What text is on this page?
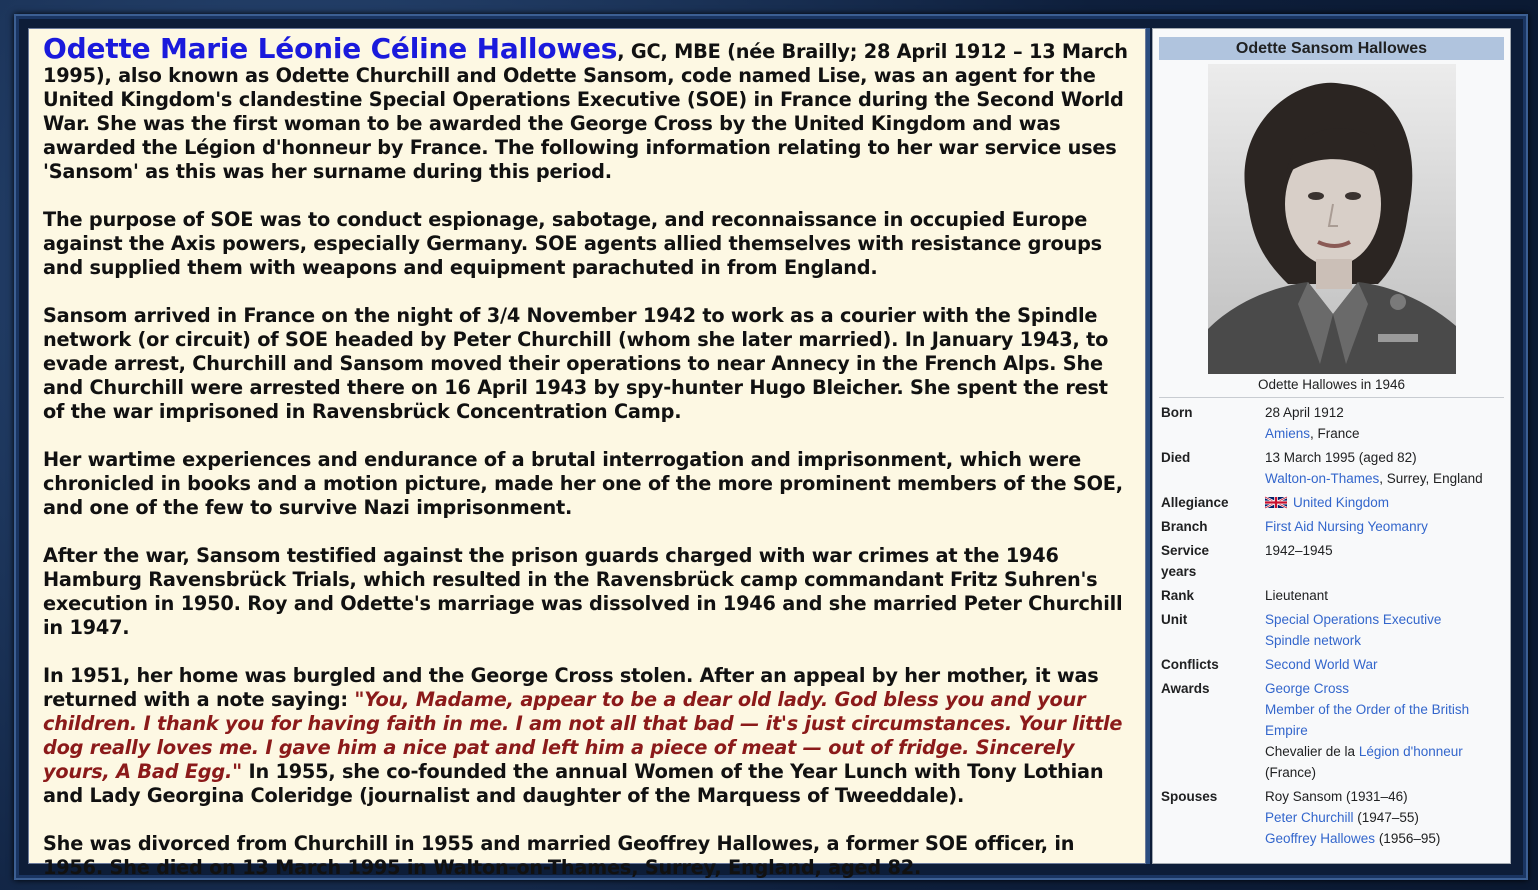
Odette Marie Léonie Céline Hallowes, GC, MBE (née Brailly; 28 April 1912 – 13 March 1995), also known as Odette Churchill and Odette Sansom, code named Lise, was an agent for the United Kingdom's clandestine Special Operations Executive (SOE) in France during the Second World War. She was the first woman to be awarded the George Cross by the United Kingdom and was awarded the Légion d'honneur by France. The following information relating to her war service uses 'Sansom' as this was her surname during this period.

The purpose of SOE was to conduct espionage, sabotage, and reconnaissance in occupied Europe against the Axis powers, especially Germany. SOE agents allied themselves with resistance groups and supplied them with weapons and equipment parachuted in from England.

Sansom arrived in France on the night of 3/4 November 1942 to work as a courier with the Spindle network (or circuit) of SOE headed by Peter Churchill (whom she later married). In January 1943, to evade arrest, Churchill and Sansom moved their operations to near Annecy in the French Alps. She and Churchill were arrested there on 16 April 1943 by spy-hunter Hugo Bleicher. She spent the rest of the war imprisoned in Ravensbrück Concentration Camp.

Her wartime experiences and endurance of a brutal interrogation and imprisonment, which were chronicled in books and a motion picture, made her one of the more prominent members of the SOE, and one of the few to survive Nazi imprisonment.

After the war, Sansom testified against the prison guards charged with war crimes at the 1946 Hamburg Ravensbrück Trials, which resulted in the Ravensbrück camp commandant Fritz Suhren's execution in 1950. Roy and Odette's marriage was dissolved in 1946 and she married Peter Churchill in 1947.

In 1951, her home was burgled and the George Cross stolen. After an appeal by her mother, it was returned with a note saying: "You, Madame, appear to be a dear old lady. God bless you and your children. I thank you for having faith in me. I am not all that bad — it's just circumstances. Your little dog really loves me. I gave him a nice pat and left him a piece of meat — out of fridge. Sincerely yours, A Bad Egg." In 1955, she co-founded the annual Women of the Year Lunch with Tony Lothian and Lady Georgina Coleridge (journalist and daughter of the Marquess of Tweeddale).

She was divorced from Churchill in 1955 and married Geoffrey Hallowes, a former SOE officer, in 1956. She died on 13 March 1995 in Walton-on-Thames, Surrey, England, aged 82.

Odette Sansom Hallowes
Odette Hallowes in 1946
Born	28 April 1912
Amiens, France
Died	13 March 1995 (aged 82)
Walton-on-Thames, Surrey, England
Allegiance	United Kingdom
Branch	First Aid Nursing Yeomanry
Service years
1942–1945
Rank	Lieutenant
Unit	Special Operations Executive
Spindle network
Conflicts	Second World War
Awards	George Cross
Member of the Order of the British Empire
Chevalier de la Légion d'honneur
(France)
Spouses	Roy Sansom (1931–46)
Peter Churchill (1947–55)
Geoffrey Hallowes (1956–95)
